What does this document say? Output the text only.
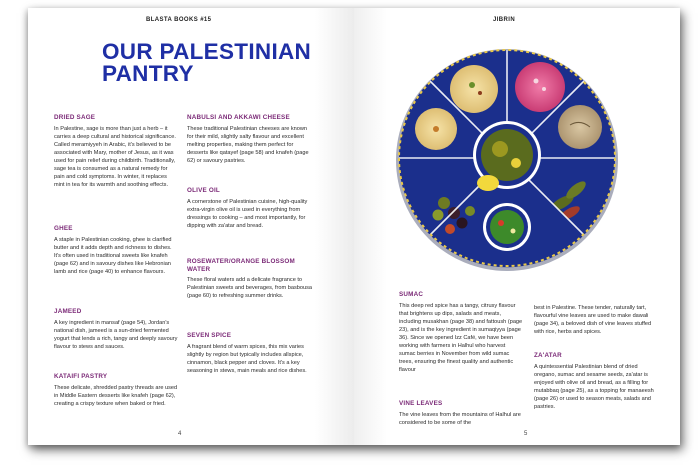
BLASTA BOOKS #15
OUR PALESTINIAN
PANTRY
DRIED SAGE

In Palestine, sage is more than just a herb – it carries a deep cultural and historical significance. Called meramiyyeh in Arabic, it's believed to be associated with Mary, mother of Jesus, as it was used for pain relief during childbirth. Traditionally, sage tea is consumed as a natural remedy for pain and cold symptoms. In winter, it replaces mint in tea for its warmth and soothing effects.

GHEE

A staple in Palestinian cooking, ghee is clarified butter and it adds depth and richness to dishes. It's often used in traditional sweets like knafeh (page 62) and in savoury dishes like Hebronian lamb and rice (page 40) to enhance flavours.

JAMEED

A key ingredient in mansaf (page 54), Jordan's national dish, jameed is a sun-dried fermented yogurt that lends a rich, tangy and deeply savoury flavour to stews and sauces.

KATAIFI PASTRY

These delicate, shredded pastry threads are used in Middle Eastern desserts like knafeh (page 62), creating a crispy texture when baked or fried.

NABULSI AND AKKAWI CHEESE

These traditional Palestinian cheeses are known for their mild, slightly salty flavour and excellent melting properties, making them perfect for desserts like qatayef (page 58) and knafeh (page 62) or savoury pastries.

OLIVE OIL

A cornerstone of Palestinian cuisine, high-quality extra-virgin olive oil is used in everything from dressings to cooking – and most importantly, for dipping with za'atar and bread.

ROSEWATER/ORANGE BLOSSOM WATER

These floral waters add a delicate fragrance to Palestinian sweets and beverages, from basbousa (page 60) to refreshing summer drinks.

SEVEN SPICE

A fragrant blend of warm spices, this mix varies slightly by region but typically includes allspice, cinnamon, black pepper and cloves. It's a key seasoning in stews, main meals and rice dishes.

4
JIBRIN
SUMAC

This deep red spice has a tangy, citrusy flavour that brightens up dips, salads and meats, including musakhan (page 38) and fattoush (page 23), and is the key ingredient in sumaqiyya (page 36). Since we opened Izz Café, we have been working with farmers in Halhul who harvest sumac berries in November from wild sumac trees, ensuring the finest quality and authentic flavour

VINE LEAVES

The vine leaves from the mountains of Halhul are considered to be some of the

best in Palestine. These tender, naturally tart, flavourful vine leaves are used to make dawali (page 34), a beloved dish of vine leaves stuffed with rice, herbs and spices.

ZA'ATAR

A quintessential Palestinian blend of dried oregano, sumac and sesame seeds, za'atar is enjoyed with olive oil and bread, as a filling for mutabbaq (page 25), as a topping for manaeesh (page 26) or used to season meats, salads and pastries.

5
